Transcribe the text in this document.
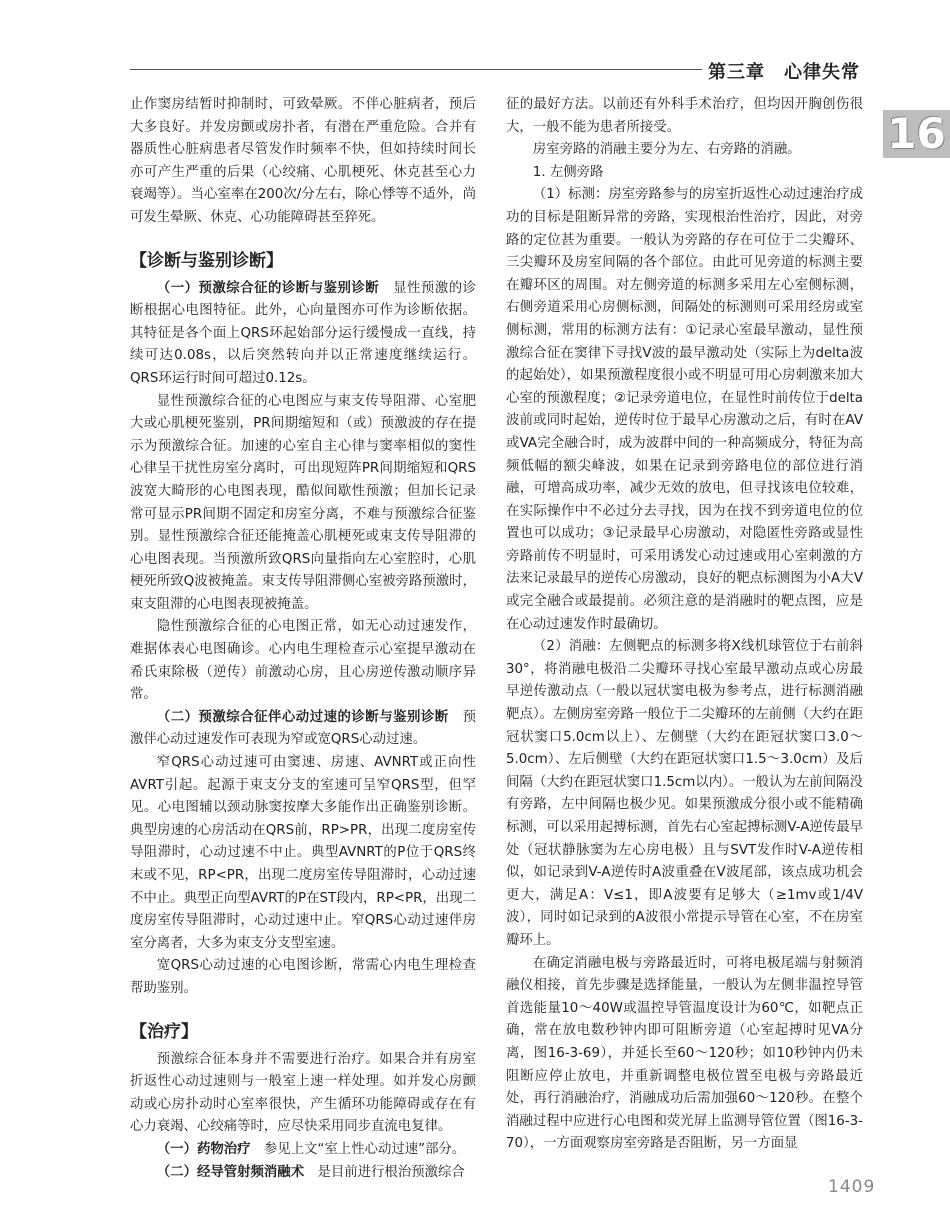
第三章　心律失常
16

止作窦房结暂时抑制时，可致晕厥。不伴心脏病者，预后大多良好。并发房颤或房扑者，有潜在严重危险。合并有器质性心脏病患者尽管发作时频率不快，但如持续时间长亦可产生严重的后果（心绞痛、心肌梗死、休克甚至心力衰竭等）。当心室率在200次/分左右，除心悸等不适外，尚可发生晕厥、休克、心功能障碍甚至猝死。

【诊断与鉴别诊断】

（一）预激综合征的诊断与鉴别诊断　 显性预激的诊断根据心电图特征。此外，心向量图亦可作为诊断依据。其特征是各个面上QRS环起始部分运行缓慢成一直线，持续可达0.08s，以后突然转向并以正常速度继续运行。QRS环运行时间可超过0.12s。

显性预激综合征的心电图应与束支传导阻滞、心室肥大或心肌梗死鉴别，PR间期缩短和（或）预激波的存在提示为预激综合征。加速的心室自主心律与窦率相似的窦性心律呈干扰性房室分离时，可出现短阵PR间期缩短和QRS波宽大畸形的心电图表现，酷似间歇性预激；但加长记录常可显示PR间期不固定和房室分离，不难与预激综合征鉴别。显性预激综合征还能掩盖心肌梗死或束支传导阻滞的心电图表现。当预激所致QRS向量指向左心室腔时，心肌梗死所致Q波被掩盖。束支传导阻滞侧心室被旁路预激时，束支阻滞的心电图表现被掩盖。

隐性预激综合征的心电图正常，如无心动过速发作，难据体表心电图确诊。心内电生理检查示心室提早激动在希氏束除极（逆传）前激动心房，且心房逆传激动顺序异常。

（二）预激综合征伴心动过速的诊断与鉴别诊断　 预激伴心动过速发作可表现为窄或宽QRS心动过速。

窄QRS心动过速可由窦速、房速、AVNRT或正向性AVRT引起。起源于束支分支的室速可呈窄QRS型，但罕见。心电图辅以颈动脉窦按摩大多能作出正确鉴别诊断。典型房速的心房活动在QRS前，RP>PR，出现二度房室传导阻滞时，心动过速不中止。典型AVNRT的P位于QRS终末或不见，RP<PR，出现二度房室传导阻滞时，心动过速不中止。典型正向型AVRT的P在ST段内，RP<PR，出现二度房室传导阻滞时，心动过速中止。窄QRS心动过速伴房室分离者，大多为束支分支型室速。

宽QRS心动过速的心电图诊断，常需心内电生理检查帮助鉴别。

【治疗】

预激综合征本身并不需要进行治疗。如果合并有房室折返性心动过速则与一般室上速一样处理。如并发心房颤动或心房扑动时心室率很快，产生循环功能障碍或存在有心力衰竭、心绞痛等时，应尽快采用同步直流电复律。

（一）药物治疗　 参见上文“室上性心动过速”部分。

（二）经导管射频消融术　 是目前进行根治预激综合

征的最好方法。以前还有外科手术治疗，但均因开胸创伤很大，一般不能为患者所接受。

房室旁路的消融主要分为左、右旁路的消融。

1. 左侧旁路

（1）标测：房室旁路参与的房室折返性心动过速治疗成功的目标是阻断异常的旁路，实现根治性治疗，因此，对旁路的定位甚为重要。一般认为旁路的存在可位于二尖瓣环、三尖瓣环及房室间隔的各个部位。由此可见旁道的标测主要在瓣环区的周围。对左侧旁道的标测多采用左心室侧标测，右侧旁道采用心房侧标测，间隔处的标测则可采用经房或室侧标测，常用的标测方法有：①记录心室最早激动，显性预激综合征在窦律下寻找V波的最早激动处（实际上为delta波的起始处），如果预激程度很小或不明显可用心房刺激来加大心室的预激程度；②记录旁道电位，在显性时前传位于delta波前或同时起始，逆传时位于最早心房激动之后，有时在AV或VA完全融合时，成为波群中间的一种高频成分，特征为高频低幅的额尖峰波，如果在记录到旁路电位的部位进行消融，可增高成功率，减少无效的放电，但寻找该电位较难，在实际操作中不必过分去寻找，因为在找不到旁道电位的位置也可以成功；③记录最早心房激动，对隐匿性旁路或显性旁路前传不明显时，可采用诱发心动过速或用心室刺激的方法来记录最早的逆传心房激动，良好的靶点标测图为小A大V或完全融合或最提前。必须注意的是消融时的靶点图，应是在心动过速发作时最确切。

（2）消融：左侧靶点的标测多将X线机球管位于右前斜30°，将消融电极沿二尖瓣环寻找心室最早激动点或心房最早逆传激动点（一般以冠状窦电极为参考点，进行标测消融靶点）。左侧房室旁路一般位于二尖瓣环的左前侧（大约在距冠状窦口5.0cm以上）、左侧壁（大约在距冠状窦口3.0～5.0cm）、左后侧壁（大约在距冠状窦口1.5～3.0cm）及后间隔（大约在距冠状窦口1.5cm以内）。一般认为左前间隔没有旁路，左中间隔也极少见。如果预激成分很小或不能精确标测，可以采用起搏标测，首先右心室起搏标测V-A逆传最早处（冠状静脉窦为左心房电极）且与SVT发作时V-A逆传相似，如记录到V-A逆传时A波重叠在V波尾部，该点成功机会更大，满足A：V≤1，即A波要有足够大（≥1mv或1/4V波），同时如记录到的A波很小常提示导管在心室，不在房室瓣环上。

在确定消融电极与旁路最近时，可将电极尾端与射频消融仪相接，首先步骤是选择能量，一般认为左侧非温控导管首选能量10～40W或温控导管温度设计为60℃，如靶点正确，常在放电数秒钟内即可阻断旁道（心室起搏时见VA分离，图16-3-69），并延长至60～120秒；如10秒钟内仍未阻断应停止放电，并重新调整电极位置至电极与旁路最近处，再行消融治疗，消融成功后需加强60～120秒。在整个消融过程中应进行心电图和荧光屏上监测导管位置（图16-3-70），一方面观察房室旁路是否阻断，另一方面显

1409
